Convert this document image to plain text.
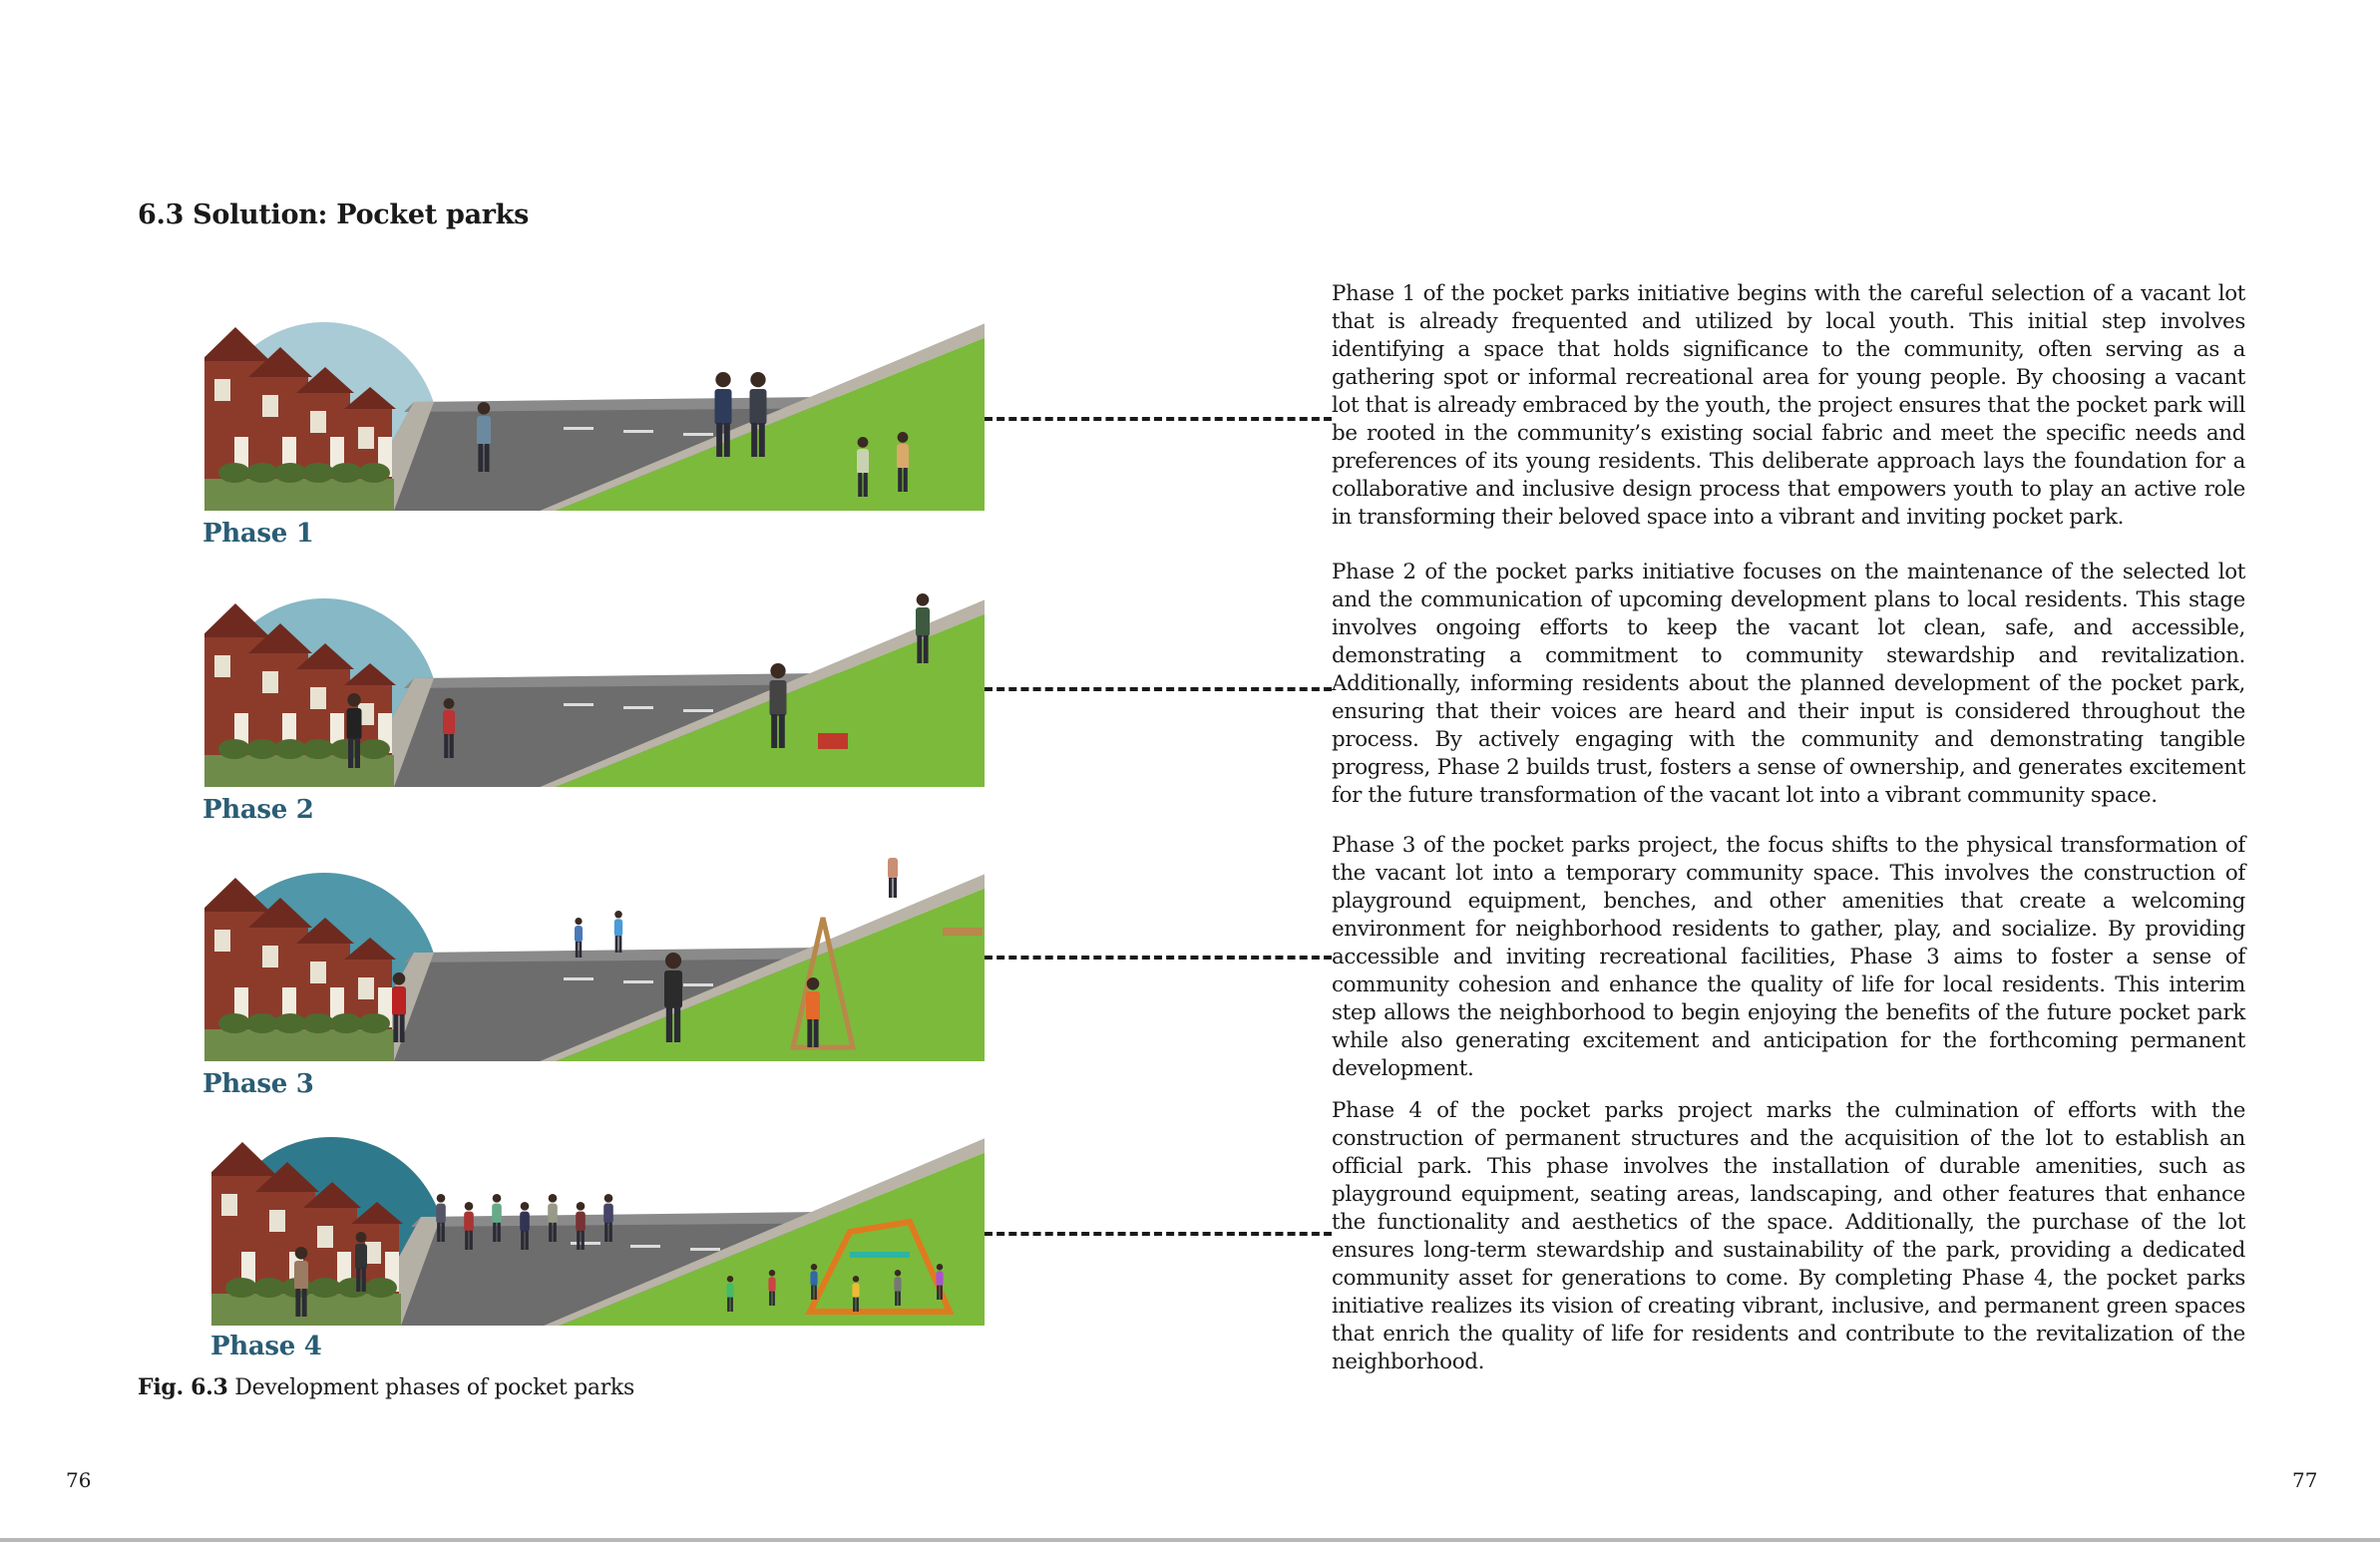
6.3 Solution: Pocket parks
Phase 1
Phase 2
Phase 3
Phase 4

Phase 1 of the pocket parks initiative begins with the careful selection of a vacant lot that is already frequented and utilized by local youth. This initial step involves identifying a space that holds significance to the community, often serving as a gathering spot or informal recreational area for young people. By choosing a vacant lot that is already embraced by the youth, the project ensures that the pocket park will be rooted in the community’s existing social fabric and meet the specific needs and preferences of its young residents. This deliberate approach lays the foundation for a collaborative and inclusive design process that empowers youth to play an active role in transforming their beloved space into a vibrant and inviting pocket park.

Phase 2 of the pocket parks initiative focuses on the maintenance of the selected lot and the communication of upcoming development plans to local residents. This stage involves ongoing efforts to keep the vacant lot clean, safe, and accessible, demonstrating a commitment to community stewardship and revitalization. Additionally, informing residents about the planned development of the pocket park, ensuring that their voices are heard and their input is considered throughout the process. By actively engaging with the community and demonstrating tangible progress, Phase 2 builds trust, fosters a sense of ownership, and generates excitement for the future transformation of the vacant lot into a vibrant community space.

Phase 3 of the pocket parks project, the focus shifts to the physical transformation of the vacant lot into a temporary community space. This involves the construction of playground equipment, benches, and other amenities that create a welcoming environment for neighborhood residents to gather, play, and socialize. By providing accessible and inviting recreational facilities, Phase 3 aims to foster a sense of community cohesion and enhance the quality of life for local residents. This interim step allows the neighborhood to begin enjoying the benefits of the future pocket park while also generating excitement and anticipation for the forthcoming permanent development.

Phase 4 of the pocket parks project marks the culmination of efforts with the construction of permanent structures and the acquisition of the lot to establish an official park. This phase involves the installation of durable amenities, such as playground equipment, seating areas, landscaping, and other features that enhance the functionality and aesthetics of the space. Additionally, the purchase of the lot ensures long-term stewardship and sustainability of the park, providing a dedicated community asset for generations to come. By completing Phase 4, the pocket parks initiative realizes its vision of creating vibrant, inclusive, and permanent green spaces that enrich the quality of life for residents and contribute to the revitalization of the neighborhood.

Fig. 6.3 Development phases of pocket parks
76	77
